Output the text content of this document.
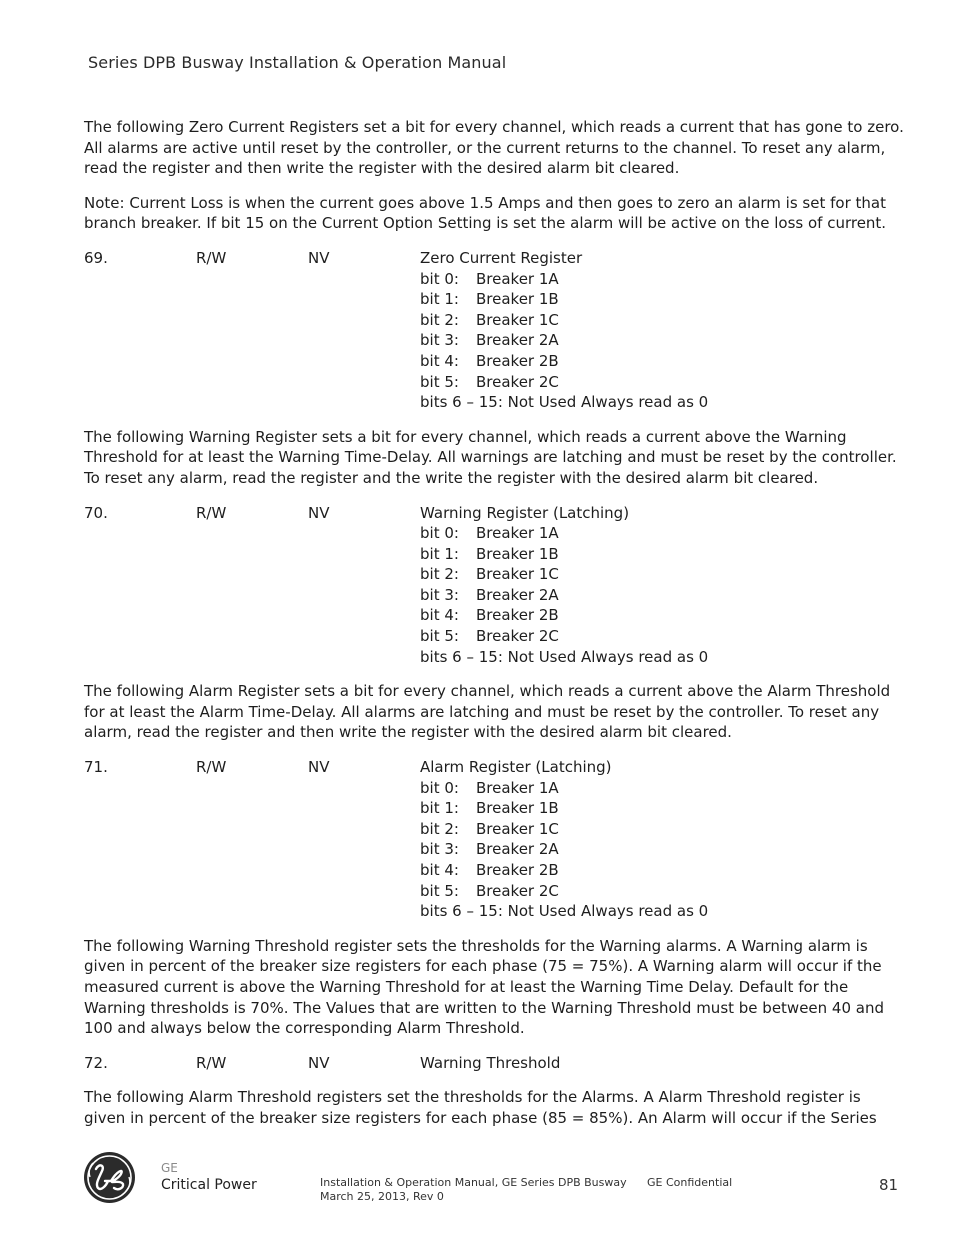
Series DPB Busway Installation & Operation Manual

The following Zero Current Registers set a bit for every channel, which reads a current that has gone to zero. All alarms are active until reset by the controller, or the current returns to the channel. To reset any alarm, read the register and then write the register with the desired alarm bit cleared.

Note: Current Loss is when the current goes above 1.5 Amps and then goes to zero an alarm is set for that branch breaker. If bit 15 on the Current Option Setting is set the alarm will be active on the loss of current.

69.	R/W	NV	Zero Current Register
bit 0:	Breaker 1A
bit 1:	Breaker 1B
bit 2:	Breaker 1C
bit 3:	Breaker 2A
bit 4:	Breaker 2B
bit 5:	Breaker 2C
bits 6 – 15: Not Used Always read as 0

The following Warning Register sets a bit for every channel, which reads a current above the Warning Threshold for at least the Warning Time-Delay. All warnings are latching and must be reset by the controller. To reset any alarm, read the register and the write the register with the desired alarm bit cleared.

70.	R/W	NV	Warning Register (Latching)
bit 0:	Breaker 1A
bit 1:	Breaker 1B
bit 2:	Breaker 1C
bit 3:	Breaker 2A
bit 4:	Breaker 2B
bit 5:	Breaker 2C
bits 6 – 15: Not Used Always read as 0

The following Alarm Register sets a bit for every channel, which reads a current above the Alarm Threshold for at least the Alarm Time-Delay. All alarms are latching and must be reset by the controller. To reset any alarm, read the register and then write the register with the desired alarm bit cleared.

71.	R/W	NV	Alarm Register (Latching)
bit 0:	Breaker 1A
bit 1:	Breaker 1B
bit 2:	Breaker 1C
bit 3:	Breaker 2A
bit 4:	Breaker 2B
bit 5:	Breaker 2C
bits 6 – 15: Not Used Always read as 0

The following Warning Threshold register sets the thresholds for the Warning alarms. A Warning alarm is given in percent of the breaker size registers for each phase (75 = 75%). A Warning alarm will occur if the measured current is above the Warning Threshold for at least the Warning Time Delay. Default for the Warning thresholds is 70%. The Values that are written to the Warning Threshold must be between 40 and 100 and always below the corresponding Alarm Threshold.

72.	R/W	NV	Warning Threshold

The following Alarm Threshold registers set the thresholds for the Alarms. A Alarm Threshold register is given in percent of the breaker size registers for each phase (85 = 85%). An Alarm will occur if the Series

GE
Critical Power	Installation & Operation Manual, GE Series DPB Busway
March 25, 2013, Rev 0
GE Confidential	81
